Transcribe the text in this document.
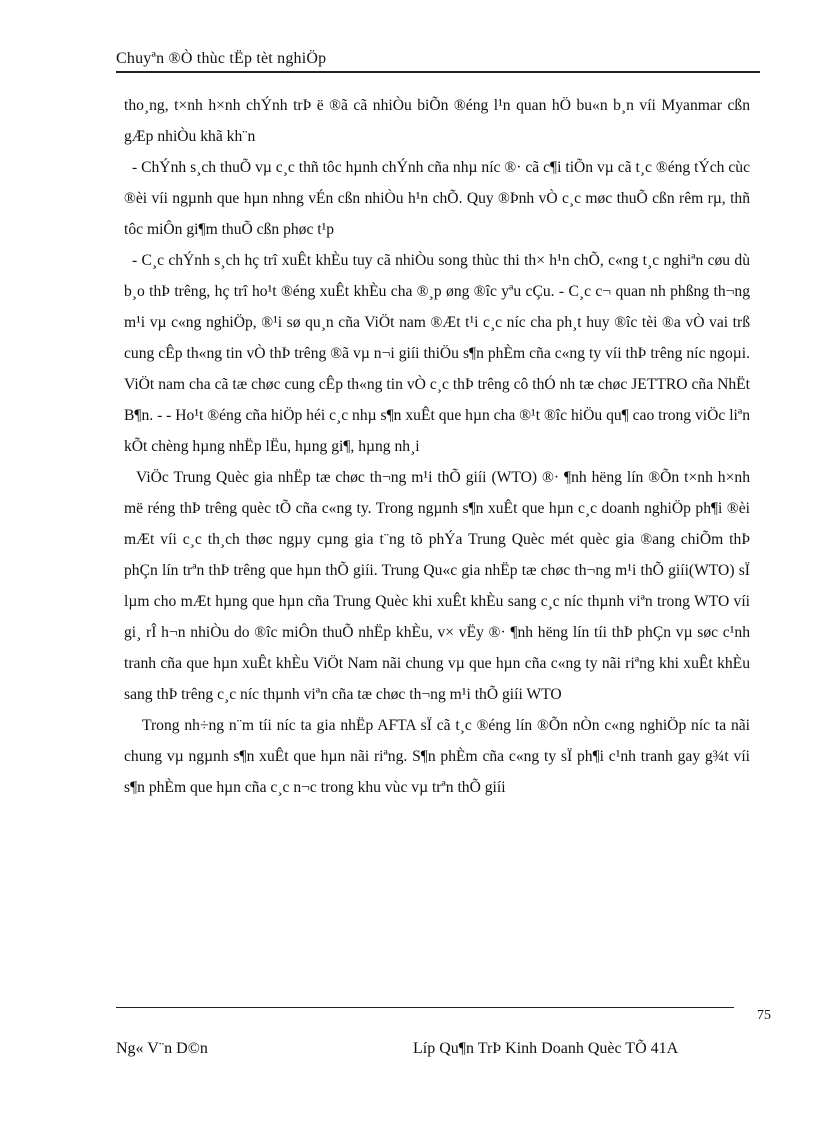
Chuyªn ®Ò thùc tËp tèt nghiÖp

thο¸ng, t×nh h×nh chÝnh trÞ ë ®ã cã nhiÒu biÕn ®éng l¹n quan hÖ bu«n b¸n víi Myanmar cßn gÆp nhiÒu khã kh¨n

- ChÝnh s¸ch thuÕ vµ c¸c thñ tôc hµnh chÝnh cña nhµ níc ®· cã c¶i tiÕn vµ cã t¸c ®éng tÝch cùc ®èi víi ngµnh que hµn nhng vÉn cßn nhiÒu h¹n chÕ. Quy ®Þnh vÒ c¸c møc thuÕ cßn rêm rµ, thñ tôc miÔn gi¶m thuÕ cßn phøc t¹p

- C¸c chÝnh s¸ch hç trî xuÊt khÈu tuy cã nhiÒu song thùc thi th× h¹n chÕ, c«ng t¸c nghiªn cøu dù b¸o thÞ trêng, hç trî ho¹t ®éng xuÊt khÈu cha ®¸p øng ®îc yªu cÇu. - C¸c c¬ quan nh phßng th¬ng m¹i vµ c«ng nghiÖp, ®¹i sø qu¸n cña ViÖt nam ®Æt t¹i c¸c níc cha ph¸t huy ®îc tèi ®a vÒ vai trß cung cÊp th«ng tin vÒ thÞ trêng ®ã vµ n¬i giíi thiÖu s¶n phÈm cña c«ng ty víi thÞ trêng níc ngoµi. ViÖt nam cha cã tæ chøc cung cÊp th«ng tin vÒ c¸c thÞ trêng cô thÓ nh tæ chøc JETTRO cña NhËt B¶n. - - Ho¹t ®éng cña hiÖp héi c¸c nhµ s¶n xuÊt que hµn cha ®¹t ®îc hiÖu qu¶ cao trong viÖc liªn kÕt chèng hµng nhËp lËu, hµng gi¶, hµng nh¸i

ViÖc Trung Quèc gia nhËp tæ chøc th¬ng m¹i thÕ giíi (WTO) ®· ¶nh hëng lín ®Õn t×nh h×nh më réng thÞ trêng quèc tÕ cña c«ng ty. Trong ngµnh s¶n xuÊt que hµn c¸c doanh nghiÖp ph¶i ®èi mÆt víi c¸c th¸ch thøc ngµy cµng gia t¨ng tõ phÝa Trung Quèc mét quèc gia ®ang chiÕm thÞ phÇn lín trªn thÞ trêng que hµn thÕ giíi. Trung Qu«c gia nhËp tæ chøc th¬ng m¹i thÕ giíi(WTO) sÏ lµm cho mÆt hµng que hµn cña Trung Quèc khi xuÊt khÈu sang c¸c níc thµnh viªn trong WTO víi gi¸ rÎ h¬n nhiÒu do ®îc miÔn thuÕ nhËp khÈu, v× vËy ®· ¶nh hëng lín tíi thÞ phÇn vµ søc c¹nh tranh cña que hµn xuÊt khÈu ViÖt Nam nãi chung vµ que hµn cña c«ng ty nãi riªng khi xuÊt khÈu sang thÞ trêng c¸c níc thµnh viªn cña tæ chøc th¬ng m¹i thÕ giíi WTO

Trong nh÷ng n¨m tíi níc ta gia nhËp AFTA sÏ cã t¸c ®éng lín ®Õn nÒn c«ng nghiÖp níc ta nãi chung vµ ngµnh s¶n xuÊt que hµn nãi riªng. S¶n phÈm cña c«ng ty sÏ ph¶i c¹nh tranh gay g¾t víi s¶n phÈm que hµn cña c¸c n¬c trong khu vùc vµ trªn thÕ giíi

75
Ng« V¨n D©n	Líp Qu¶n TrÞ Kinh Doanh Quèc TÕ 41A
